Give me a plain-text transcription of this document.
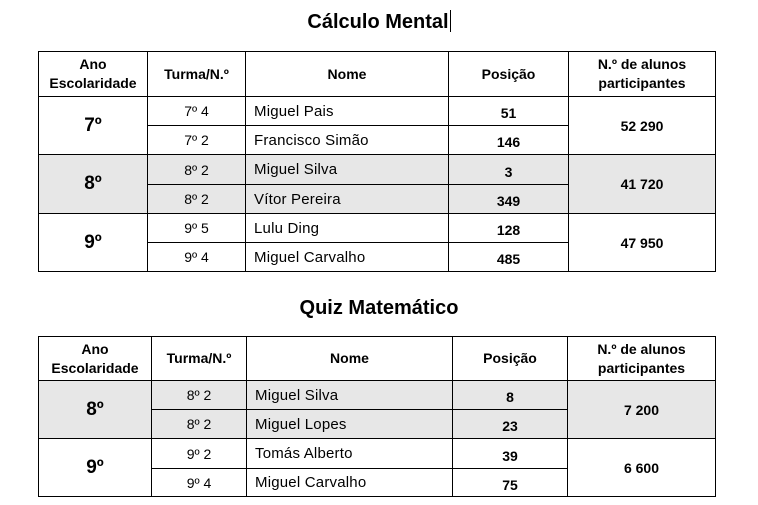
Cálculo Mental
Ano Escolaridade	Turma/N.º	Nome	Posição	N.º de alunos participantes
7º	7º 4	Miguel Pais	51	52 290
	7º 2	Francisco Simão	146	
8º	8º 2	Miguel Silva	3	41 720
	8º 2	Vítor Pereira	349	
9º	9º 5	Lulu Ding	128	47 950
	9º 4	Miguel Carvalho	485	
Quiz Matemático
Ano Escolaridade	Turma/N.º	Nome	Posição	N.º de alunos participantes
8º	8º 2	Miguel Silva	8	7 200
	8º 2	Miguel Lopes	23	
9º	9º 2	Tomás Alberto	39	6 600
	9º 4	Miguel Carvalho	75	
